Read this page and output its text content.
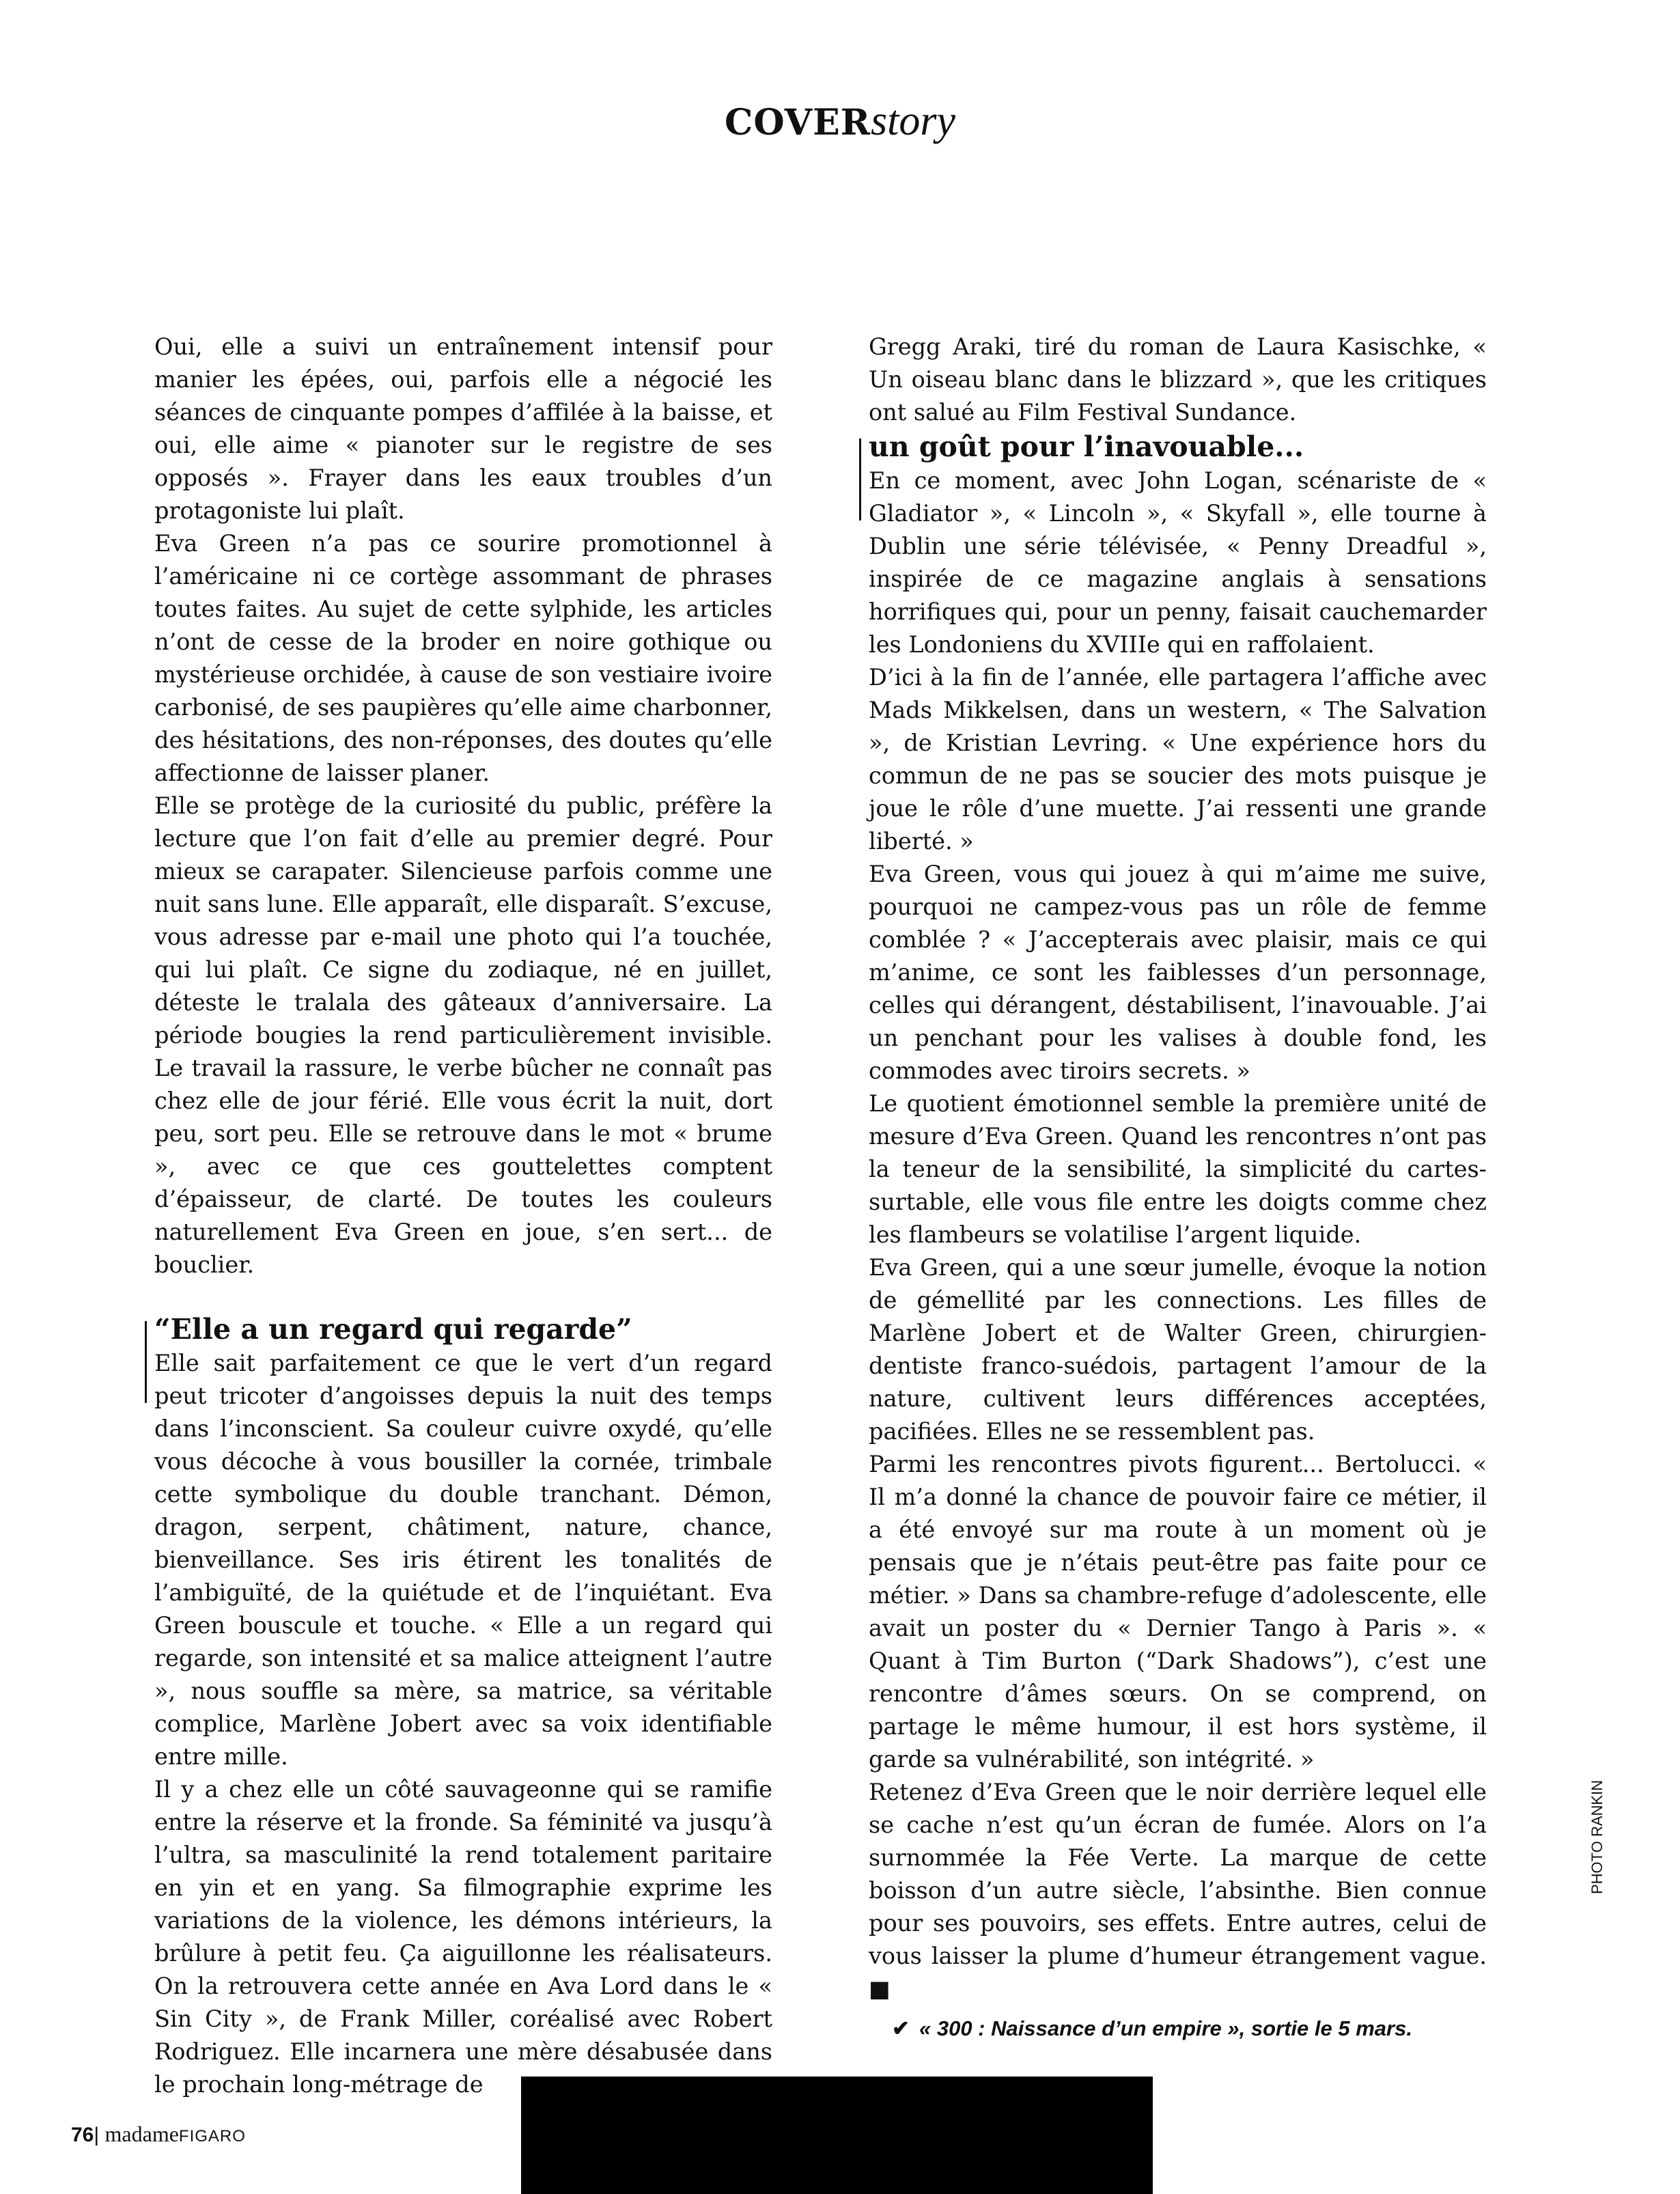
COVERstory

Oui, elle a suivi un entraînement intensif pour manier les épées, oui, parfois elle a négocié les séances de cinquante pompes d’affilée à la baisse, et oui, elle aime « pianoter sur le registre de ses opposés ». Frayer dans les eaux troubles d’un protagoniste lui plaît.

Eva Green n’a pas ce sourire promotionnel à l’américaine ni ce cortège assommant de phrases toutes faites. Au sujet de cette sylphide, les articles n’ont de cesse de la broder en noire gothique ou mystérieuse orchidée, à cause de son vestiaire ivoire carbonisé, de ses paupières qu’elle aime charbonner, des hésitations, des non-réponses, des doutes qu’elle affectionne de laisser planer.

Elle se protège de la curiosité du public, préfère la lecture que l’on fait d’elle au premier degré. Pour mieux se carapater. Silencieuse parfois comme une nuit sans lune. Elle apparaît, elle disparaît. S’excuse, vous adresse par e-mail une photo qui l’a touchée, qui lui plaît. Ce signe du zodiaque, né en juillet, déteste le tralala des gâteaux d’anniversaire. La période bougies la rend particulièrement invisible. Le travail la rassure, le verbe bûcher ne connaît pas chez elle de jour férié. Elle vous écrit la nuit, dort peu, sort peu. Elle se retrouve dans le mot « brume », avec ce que ces gouttelettes comptent d’épaisseur, de clarté. De toutes les couleurs naturellement Eva Green en joue, s’en sert... de bouclier.

“Elle a un regard qui regarde”

Elle sait parfaitement ce que le vert d’un regard peut tricoter d’angoisses depuis la nuit des temps dans l’inconscient. Sa couleur cuivre oxydé, qu’elle vous décoche à vous bousiller la cornée, trimbale cette symbolique du double tranchant. Démon, dragon, serpent, châtiment, nature, chance, bienveillance. Ses iris étirent les tonalités de l’ambiguïté, de la quiétude et de l’inquiétant. Eva Green bouscule et touche. « Elle a un regard qui regarde, son intensité et sa malice atteignent l’autre », nous souffle sa mère, sa matrice, sa véritable complice, Marlène Jobert avec sa voix identifiable entre mille.

Il y a chez elle un côté sauvageonne qui se ramifie entre la réserve et la fronde. Sa féminité va jusqu’à l’ultra, sa masculinité la rend totalement paritaire en yin et en yang. Sa filmographie exprime les variations de la violence, les démons intérieurs, la brûlure à petit feu. Ça aiguillonne les réalisateurs. On la retrouvera cette année en Ava Lord dans le « Sin City », de Frank Miller, coréalisé avec Robert Rodriguez. Elle incarnera une mère désabusée dans le prochain long-métrage de

Gregg Araki, tiré du roman de Laura Kasischke, « Un oiseau blanc dans le blizzard », que les critiques ont salué au Film Festival Sundance.

un goût pour l’inavouable...

En ce moment, avec John Logan, scénariste de « Gladiator », « Lincoln », « Skyfall », elle tourne à Dublin une série télévisée, « Penny Dreadful », inspirée de ce magazine anglais à sensations horrifiques qui, pour un penny, faisait cauchemarder les Londoniens du XVIIIe qui en raffolaient.

D’ici à la fin de l’année, elle partagera l’affiche avec Mads Mikkelsen, dans un western, « The Salvation », de Kristian Levring. « Une expérience hors du commun de ne pas se soucier des mots puisque je joue le rôle d’une muette. J’ai ressenti une grande liberté. »

Eva Green, vous qui jouez à qui m’aime me suive, pourquoi ne campez-vous pas un rôle de femme comblée ? « J’accepterais avec plaisir, mais ce qui m’anime, ce sont les faiblesses d’un personnage, celles qui dérangent, déstabilisent, l’inavouable. J’ai un penchant pour les valises à double fond, les commodes avec tiroirs secrets. »

Le quotient émotionnel semble la première unité de mesure d’Eva Green. Quand les rencontres n’ont pas la teneur de la sensibilité, la simplicité du cartes-surtable, elle vous file entre les doigts comme chez les flambeurs se volatilise l’argent liquide.

Eva Green, qui a une sœur jumelle, évoque la notion de gémellité par les connections. Les filles de Marlène Jobert et de Walter Green, chirurgien-dentiste franco-suédois, partagent l’amour de la nature, cultivent leurs différences acceptées, pacifiées. Elles ne se ressemblent pas.

Parmi les rencontres pivots figurent... Bertolucci. « Il m’a donné la chance de pouvoir faire ce métier, il a été envoyé sur ma route à un moment où je pensais que je n’étais peut-être pas faite pour ce métier. » Dans sa chambre-refuge d’adolescente, elle avait un poster du « Dernier Tango à Paris ». « Quant à Tim Burton (“Dark Shadows”), c’est une rencontre d’âmes sœurs. On se comprend, on partage le même humour, il est hors système, il garde sa vulnérabilité, son intégrité. »

Retenez d’Eva Green que le noir derrière lequel elle se cache n’est qu’un écran de fumée. Alors on l’a surnommée la Fée Verte. La marque de cette boisson d’un autre siècle, l’absinthe. Bien connue pour ses pouvoirs, ses effets. Entre autres, celui de vous laisser la plume d’humeur étrangement vague. ■

✔ « 300 : Naissance d’un empire », sortie le 5 mars.
PHOTO RANKIN
76| madameFIGARO
